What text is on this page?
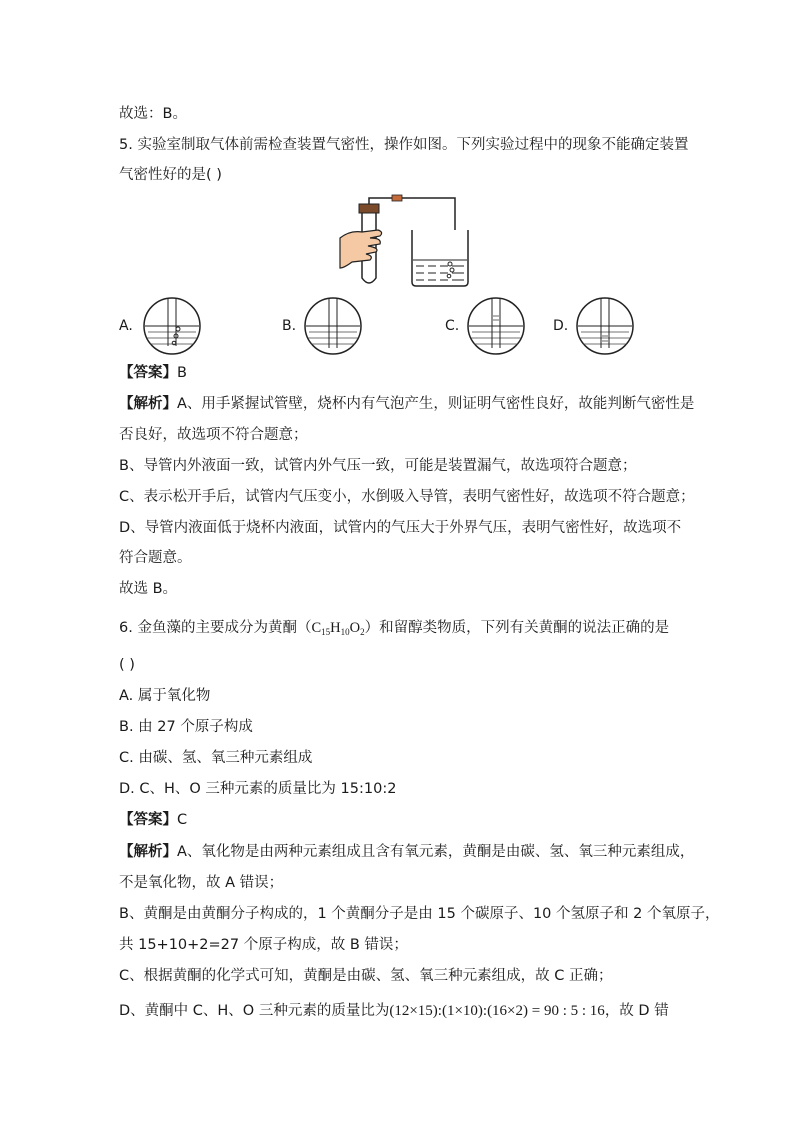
故选：B。
5. 实验室制取气体前需检查装置气密性，操作如图。下列实验过程中的现象不能确定装置
气密性好的是( )
A.	B.	C.	D.
【答案】B
【解析】A、用手紧握试管壁，烧杯内有气泡产生，则证明气密性良好，故能判断气密性是
否良好，故选项不符合题意；
B、导管内外液面一致，试管内外气压一致，可能是装置漏气，故选项符合题意；
C、表示松开手后，试管内气压变小，水倒吸入导管，表明气密性好，故选项不符合题意；
D、导管内液面低于烧杯内液面，试管内的气压大于外界气压，表明气密性好，故选项不
符合题意。
故选 B。
6. 金鱼藻的主要成分为黄酮$(C_{15}H_{10}O_2)$和留醇类物质，下列有关黄酮的说法正确的是
( )
A. 属于氧化物
B. 由 27 个原子构成
C. 由碳、氢、氧三种元素组成
D. C、H、O 三种元素的质量比为 15:10:2
【答案】C
【解析】A、氧化物是由两种元素组成且含有氧元素，黄酮是由碳、氢、氧三种元素组成，
不是氧化物，故 A 错误；
B、黄酮是由黄酮分子构成的，1 个黄酮分子是由 15 个碳原子、10 个氢原子和 2 个氧原子，
共 15+10+2=27 个原子构成，故 B 错误；
C、根据黄酮的化学式可知，黄酮是由碳、氢、氧三种元素组成，故 C 正确；
D、黄酮中 C、H、O 三种元素的质量比为(12×15):(1×10):(16×2) = 90 : 5 : 16，故 D 错
